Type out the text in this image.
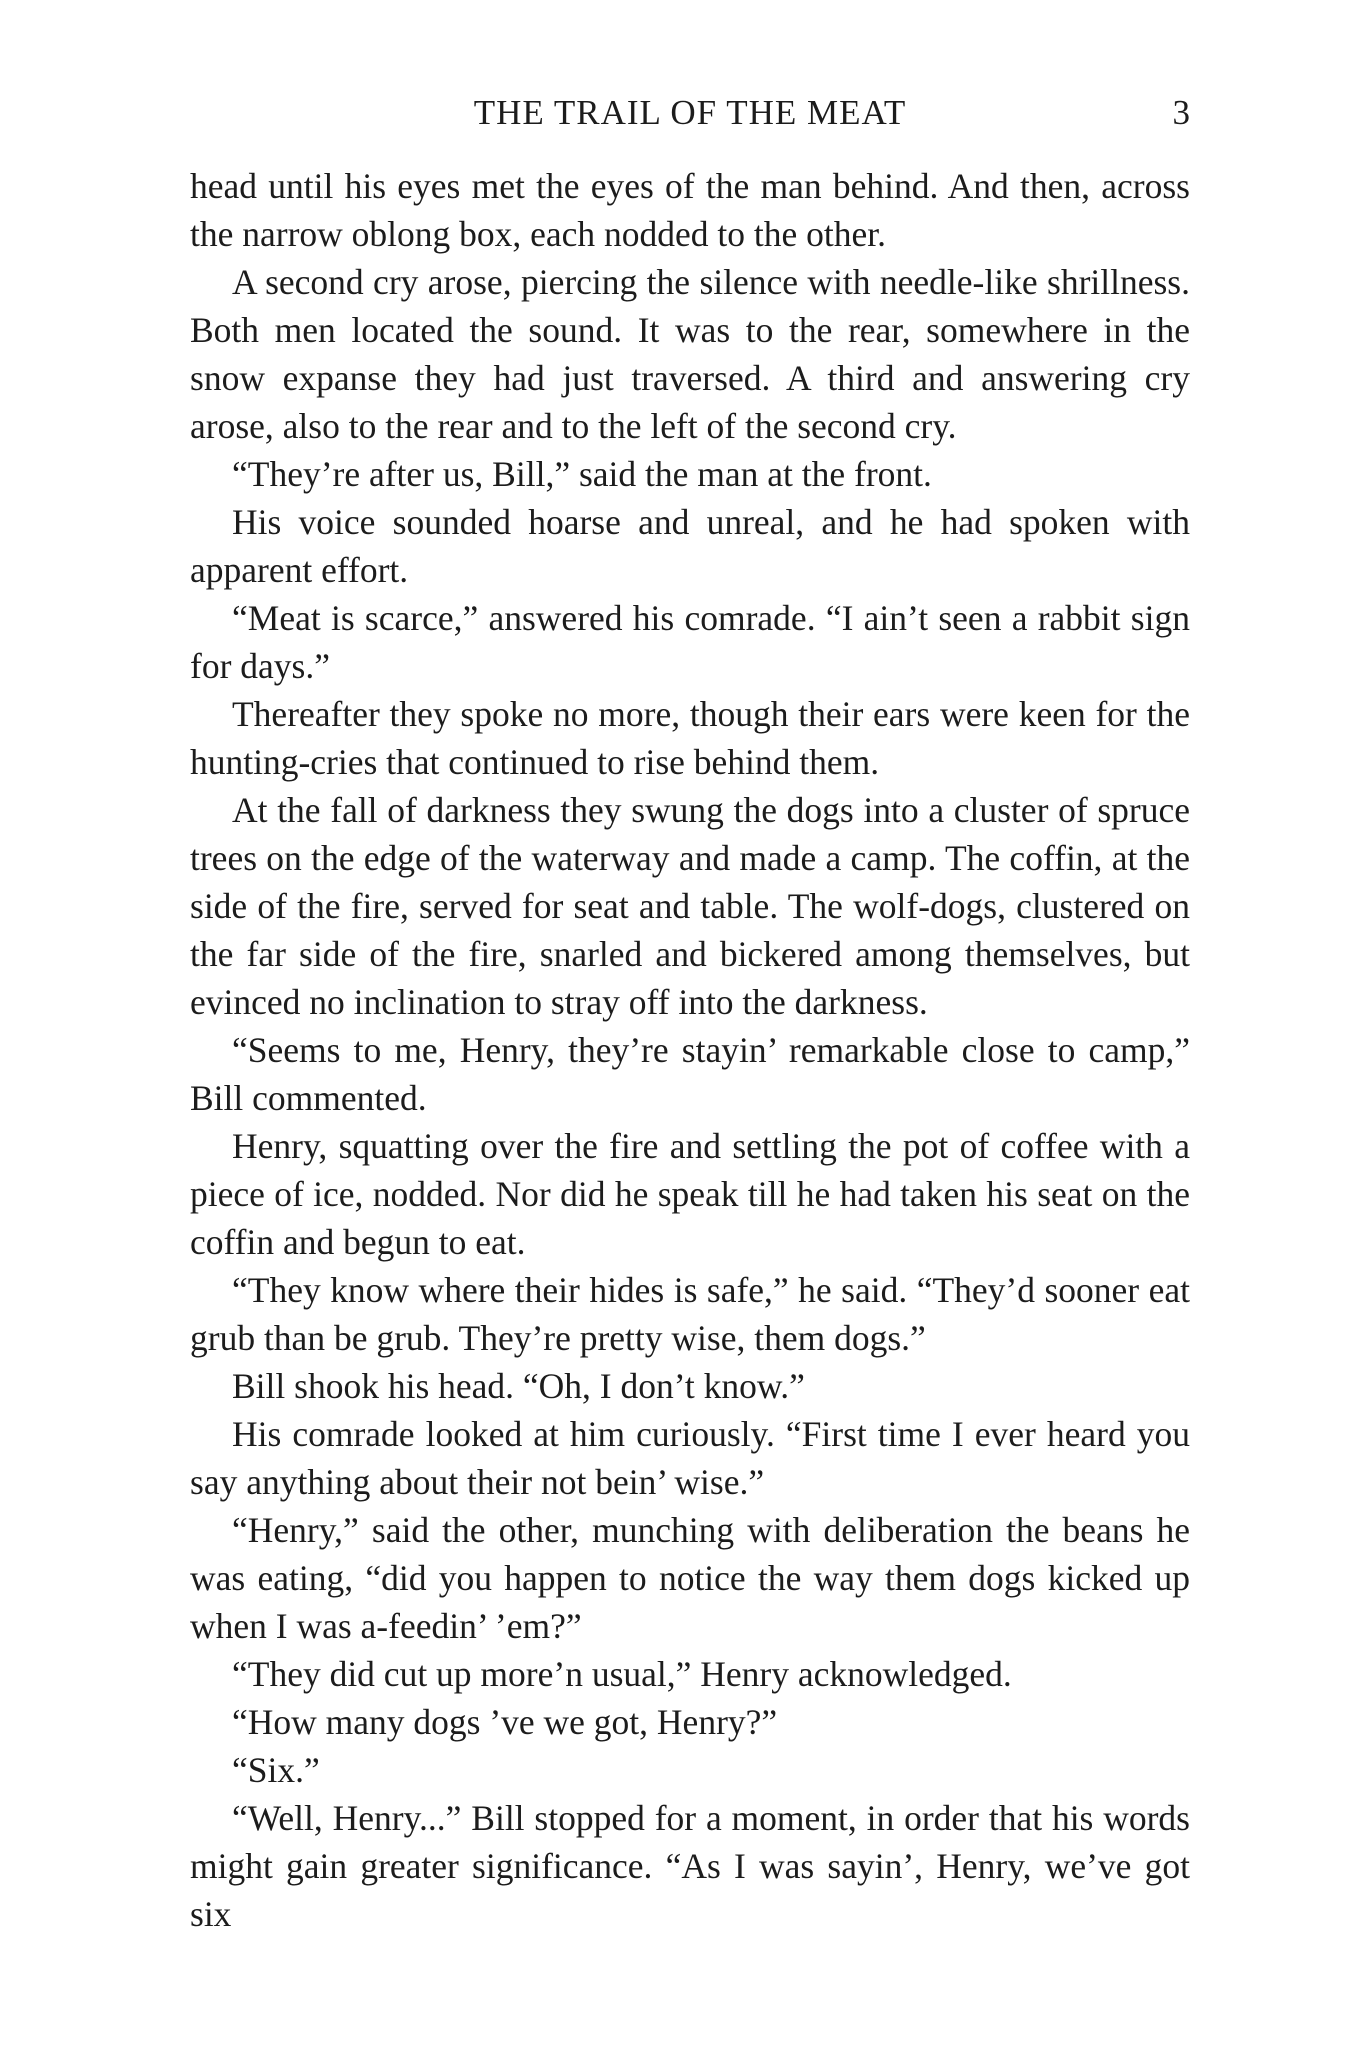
THE TRAIL OF THE MEAT	3

head until his eyes met the eyes of the man behind. And then, across the narrow oblong box, each nodded to the other.

A second cry arose, piercing the silence with needle-like shrillness. Both men located the sound. It was to the rear, somewhere in the snow expanse they had just traversed. A third and answering cry arose, also to the rear and to the left of the second cry.

“They’re after us, Bill,” said the man at the front.

His voice sounded hoarse and unreal, and he had spoken with apparent effort.

“Meat is scarce,” answered his comrade. “I ain’t seen a rabbit sign for days.”

Thereafter they spoke no more, though their ears were keen for the hunting-cries that continued to rise behind them.

At the fall of darkness they swung the dogs into a cluster of spruce trees on the edge of the waterway and made a camp. The coffin, at the side of the fire, served for seat and table. The wolf-dogs, clustered on the far side of the fire, snarled and bickered among themselves, but evinced no inclination to stray off into the darkness.

“Seems to me, Henry, they’re stayin’ remarkable close to camp,” Bill commented.

Henry, squatting over the fire and settling the pot of coffee with a piece of ice, nodded. Nor did he speak till he had taken his seat on the coffin and begun to eat.

“They know where their hides is safe,” he said. “They’d sooner eat grub than be grub. They’re pretty wise, them dogs.”

Bill shook his head. “Oh, I don’t know.”

His comrade looked at him curiously. “First time I ever heard you say anything about their not bein’ wise.”

“Henry,” said the other, munching with deliberation the beans he was eating, “did you happen to notice the way them dogs kicked up when I was a-feedin’ ’em?”

“They did cut up more’n usual,” Henry acknowledged.

“How many dogs ’ve we got, Henry?”

“Six.”

“Well, Henry...” Bill stopped for a moment, in order that his words might gain greater significance. “As I was sayin’, Henry, we’ve got six
